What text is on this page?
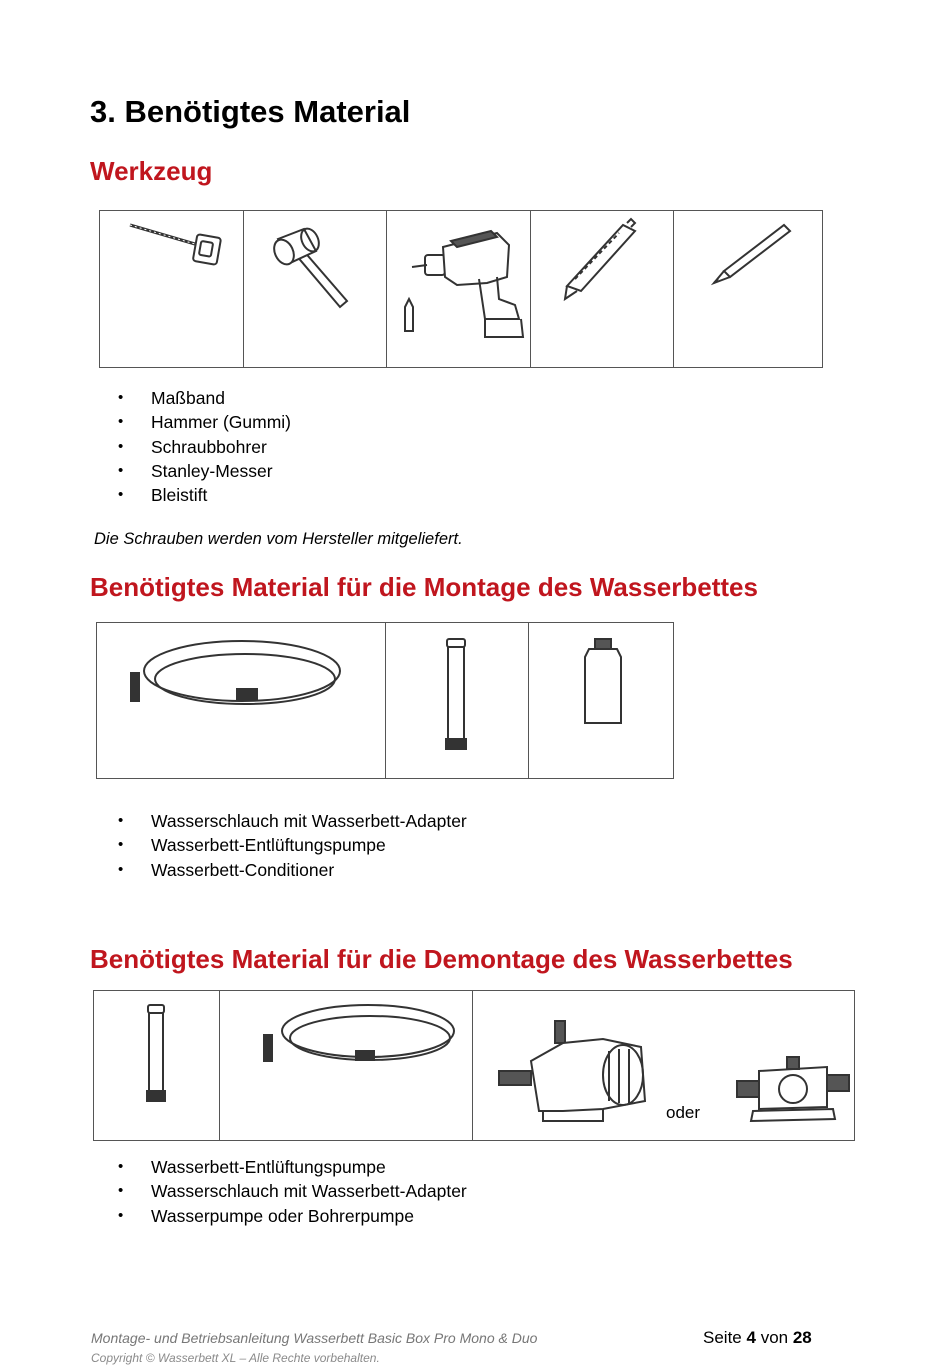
3. Benötigtes Material
Werkzeug
• Maßband
• Hammer (Gummi)
• Schraubbohrer
• Stanley-Messer
• Bleistift
Die Schrauben werden vom Hersteller mitgeliefert.
Benötigtes Material für die Montage des Wasserbettes
• Wasserschlauch mit Wasserbett-Adapter
• Wasserbett-Entlüftungspumpe
• Wasserbett-Conditioner
Benötigtes Material für die Demontage des Wasserbettes
oder
• Wasserbett-Entlüftungspumpe
• Wasserschlauch mit Wasserbett-Adapter
• Wasserpumpe oder Bohrerpumpe
Montage- und Betriebsanleitung Wasserbett Basic Box Pro Mono & Duo	Seite 4 von 28
Copyright © Wasserbett XL – Alle Rechte vorbehalten.
